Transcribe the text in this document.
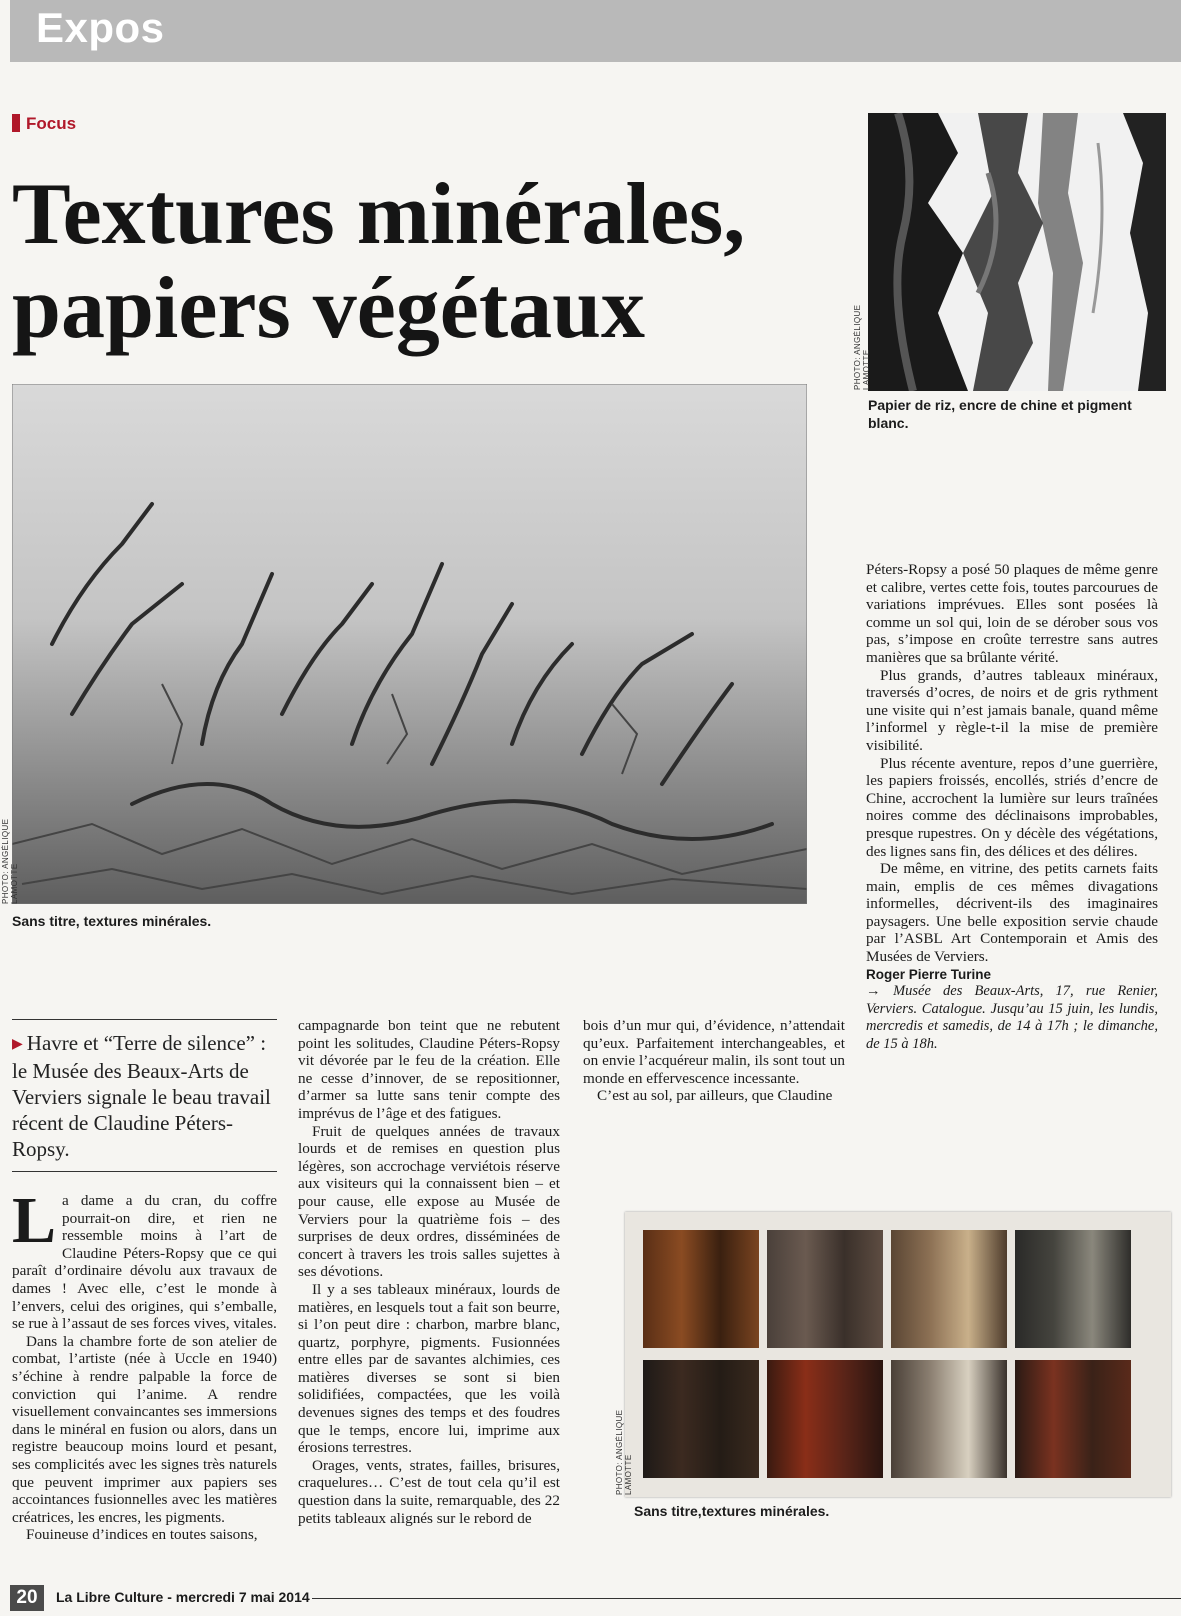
Expos
Focus
Textures minérales,
papiers végétaux	PHOTO: ANGÉLIQUE LAMOTTE
Papier de riz, encre de chine et pigment blanc.
PHOTO: ANGÉLIQUE LAMOTTE
Sans titre, textures minérales.
▶ Havre et “Terre de silence” : le Musée des Beaux-Arts de Verviers signale le beau travail récent de Claudine Péters-Ropsy.

La dame a du cran, du coffre pourrait-on dire, et rien ne ressemble moins à l’art de Claudine Péters-Ropsy que ce qui paraît d’ordinaire dévolu aux travaux de dames ! Avec elle, c’est le monde à l’envers, celui des origines, qui s’emballe, se rue à l’assaut de ses forces vives, vitales.

Dans la chambre forte de son atelier de combat, l’artiste (née à Uccle en 1940) s’échine à rendre palpable la force de conviction qui l’anime. A rendre visuellement convaincantes ses immersions dans le minéral en fusion ou alors, dans un registre beaucoup moins lourd et pesant, ses complicités avec les signes très naturels que peuvent imprimer aux papiers ses accointances fusionnelles avec les matières créatrices, les encres, les pigments.

Fouineuse d’indices en toutes saisons,

campagnarde bon teint que ne rebutent point les solitudes, Claudine Péters-Ropsy vit dévorée par le feu de la création. Elle ne cesse d’innover, de se repositionner, d’armer sa lutte sans tenir compte des imprévus de l’âge et des fatigues.

Fruit de quelques années de travaux lourds et de remises en question plus légères, son accrochage verviétois réserve aux visiteurs qui la connaissent bien – et pour cause, elle expose au Musée de Verviers pour la quatrième fois – des surprises de deux ordres, disséminées de concert à travers les trois salles sujettes à ses dévotions.

Il y a ses tableaux minéraux, lourds de matières, en lesquels tout a fait son beurre, si l’on peut dire : charbon, marbre blanc, quartz, porphyre, pigments. Fusionnées entre elles par de savantes alchimies, ces matières diverses se sont si bien solidifiées, compactées, que les voilà devenues signes des temps et des foudres que le temps, encore lui, imprime aux érosions terrestres.

Orages, vents, strates, failles, brisures, craquelures… C’est de tout cela qu’il est question dans la suite, remarquable, des 22 petits tableaux alignés sur le rebord de

bois d’un mur qui, d’évidence, n’attendait qu’eux. Parfaitement interchangeables, et on envie l’acquéreur malin, ils sont tout un monde en effervescence incessante.

C’est au sol, par ailleurs, que Claudine

Péters-Ropsy a posé 50 plaques de même genre et calibre, vertes cette fois, toutes parcourues de variations imprévues. Elles sont posées là comme un sol qui, loin de se dérober sous vos pas, s’impose en croûte terrestre sans autres manières que sa brûlante vérité.

Plus grands, d’autres tableaux minéraux, traversés d’ocres, de noirs et de gris rythment une visite qui n’est jamais banale, quand même l’informel y règle-t-il la mise de première visibilité.

Plus récente aventure, repos d’une guerrière, les papiers froissés, encollés, striés d’encre de Chine, accrochent la lumière sur leurs traînées noires comme des déclinaisons improbables, presque rupestres. On y décèle des végétations, des lignes sans fin, des délices et des délires.

De même, en vitrine, des petits carnets faits main, emplis de ces mêmes divagations informelles, décrivent-ils des imaginaires paysagers. Une belle exposition servie chaude par l’ASBL Art Contemporain et Amis des Musées de Verviers.

Roger Pierre Turine

→ Musée des Beaux-Arts, 17, rue Renier, Verviers. Catalogue. Jusqu’au 15 juin, les lundis, mercredis et samedis, de 14 à 17h ; le dimanche, de 15 à 18h.

PHOTO: ANGÉLIQUE LAMOTTE
Sans titre,textures minérales.
20	La Libre Culture - mercredi 7 mai 2014
